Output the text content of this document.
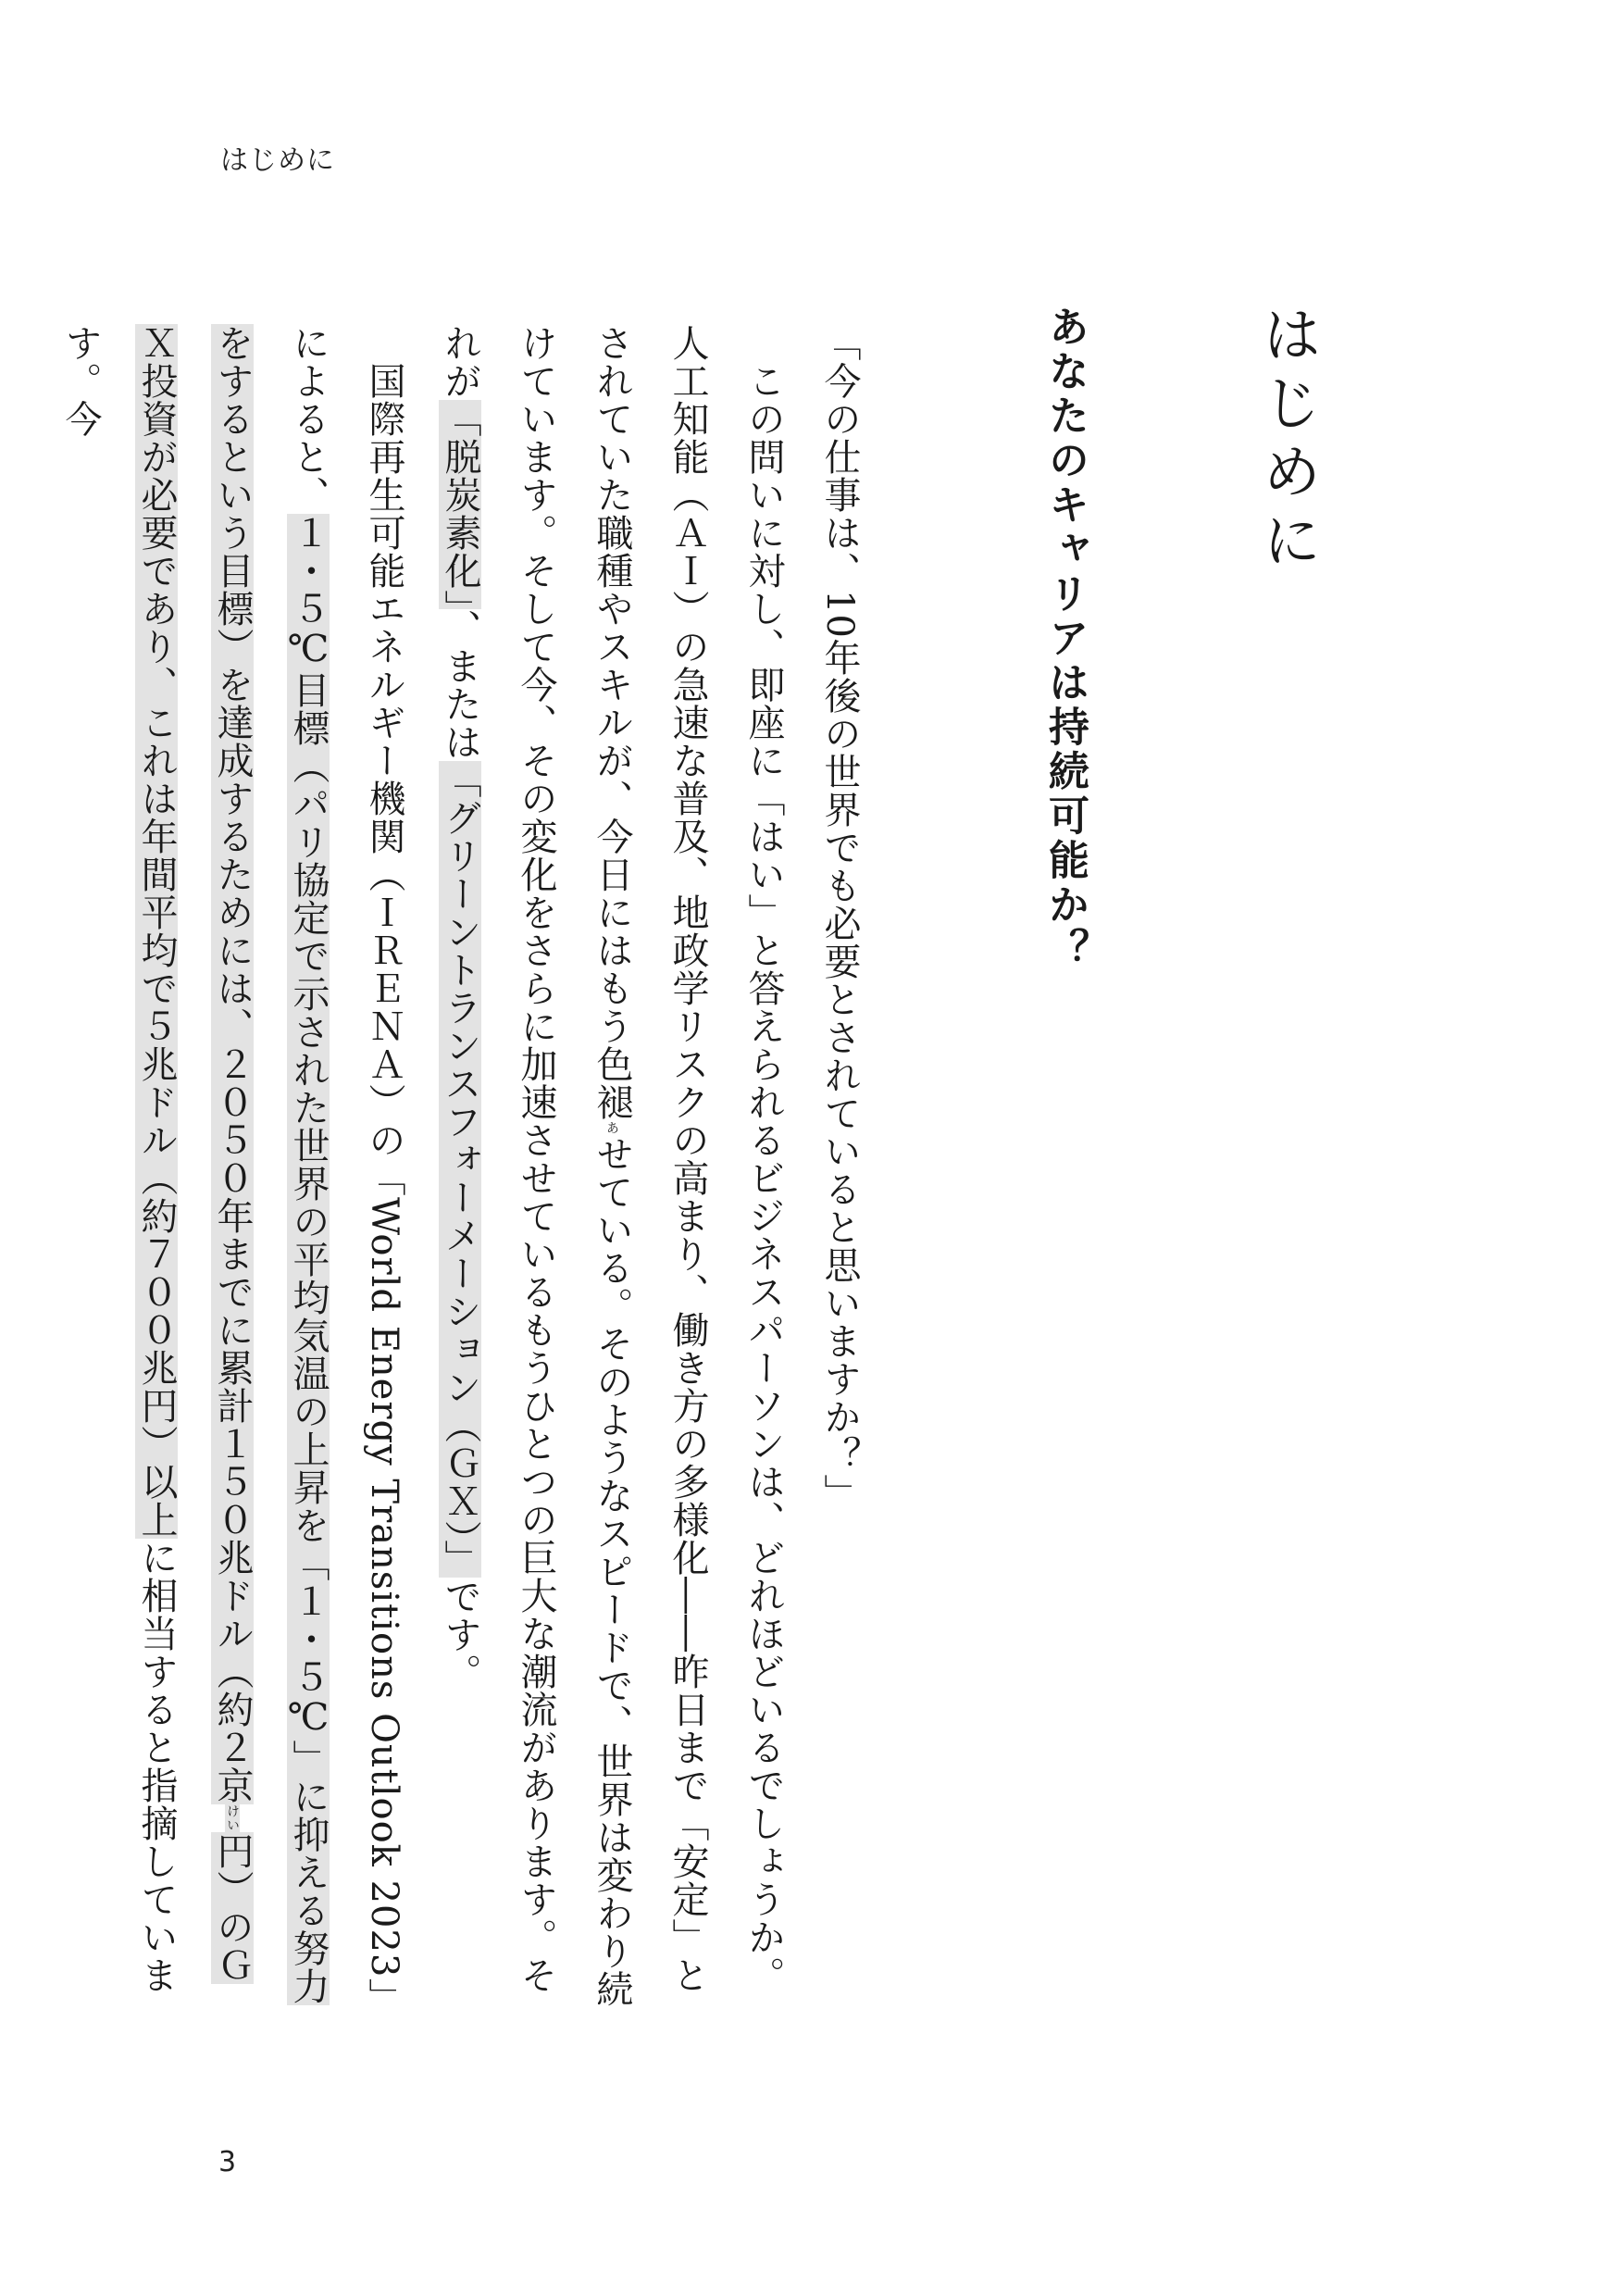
はじめに
はじめに
あなたのキャリアは持続可能か？
「今の仕事は、10年後の世界でも必要とされていると思いますか？」
　この問いに対し、即座に「はい」と答えられるビジネスパーソンは、どれほどいるでしょうか。人工知能（ＡＩ）の急速な普及、地政学リスクの高まり、働き方の多様化――昨日まで「安定」とされていた職種やスキルが、今日にはもう色褪あせている。そのようなスピードで、世界は変わり続けています。そして今、その変化をさらに加速させているもうひとつの巨大な潮流があります。それが「脱炭素化」、または「グリーントランスフォーメーション（ＧＸ）」です。
　国際再生可能エネルギー機関（ＩＲＥＮＡ）の「World Energy Transitions Outlook 2023」によると、１・５℃目標（パリ協定で示された世界の平均気温の上昇を「１・５℃」に抑える努力をするという目標）を達成するためには、２０５０年までに累計１５０兆ドル（約２京けい円）のＧＸ投資が必要であり、これは年間平均で５兆ドル（約７００兆円）以上に相当すると指摘しています。今
3
